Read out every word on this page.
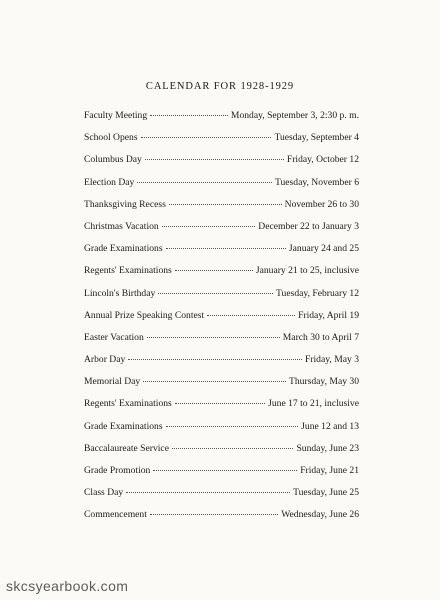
CALENDAR FOR 1928-1929
Faculty Meeting	Monday, September 3, 2:30 p. m.
School Opens	Tuesday, September 4
Columbus Day	Friday, October 12
Election Day	Tuesday, November 6
Thanksgiving Recess	November 26 to 30
Christmas Vacation	December 22 to January 3
Grade Examinations	January 24 and 25
Regents' Examinations	January 21 to 25, inclusive
Lincoln's Birthday	Tuesday, February 12
Annual Prize Speaking Contest	Friday, April 19
Easter Vacation	March 30 to April 7
Arbor Day	Friday, May 3
Memorial Day	Thursday, May 30
Regents' Examinations	June 17 to 21, inclusive
Grade Examinations	June 12 and 13
Baccalaureate Service	Sunday, June 23
Grade Promotion	Friday, June 21
Class Day	Tuesday, June 25
Commencement	Wednesday, June 26
skcsyearbook.com
